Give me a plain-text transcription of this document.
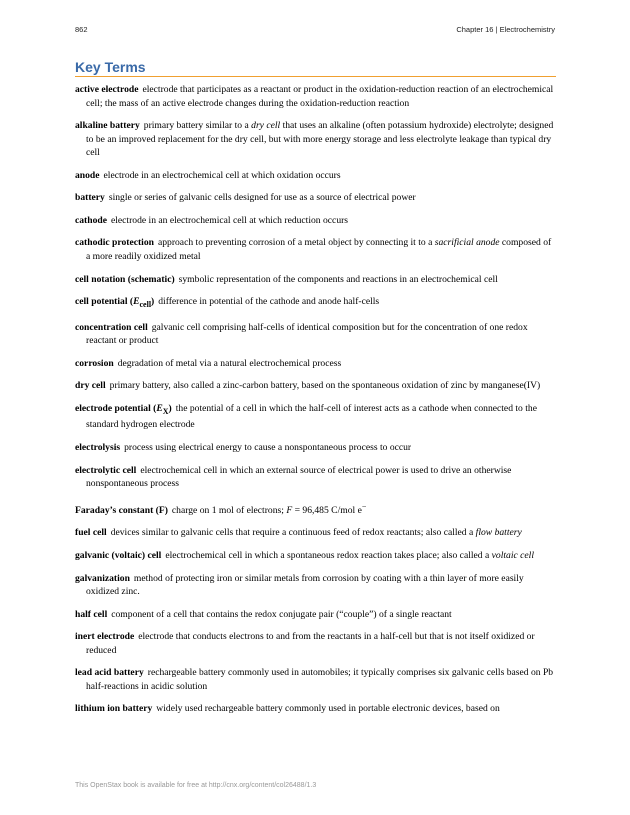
862	Chapter 16 | Electrochemistry
Key Terms

active electrode electrode that participates as a reactant or product in the oxidation-reduction reaction of an electrochemical cell; the mass of an active electrode changes during the oxidation-reduction reaction

alkaline battery primary battery similar to a dry cell that uses an alkaline (often potassium hydroxide) electrolyte; designed to be an improved replacement for the dry cell, but with more energy storage and less electrolyte leakage than typical dry cell

anode electrode in an electrochemical cell at which oxidation occurs

battery single or series of galvanic cells designed for use as a source of electrical power

cathode electrode in an electrochemical cell at which reduction occurs

cathodic protection approach to preventing corrosion of a metal object by connecting it to a sacrificial anode composed of a more readily oxidized metal

cell notation (schematic) symbolic representation of the components and reactions in an electrochemical cell

cell potential $(E_{cell})$ difference in potential of the cathode and anode half-cells

concentration cell galvanic cell comprising half-cells of identical composition but for the concentration of one redox reactant or product

corrosion degradation of metal via a natural electrochemical process

dry cell primary battery, also called a zinc-carbon battery, based on the spontaneous oxidation of zinc by manganese(IV)

electrode potential $(E_X)$ the potential of a cell in which the half-cell of interest acts as a cathode when connected to the standard hydrogen electrode

electrolysis process using electrical energy to cause a nonspontaneous process to occur

electrolytic cell electrochemical cell in which an external source of electrical power is used to drive an otherwise nonspontaneous process

Faraday’s constant (F) charge on 1 mol of electrons; F = 96,485 C/mol e−

fuel cell devices similar to galvanic cells that require a continuous feed of redox reactants; also called a flow battery

galvanic (voltaic) cell electrochemical cell in which a spontaneous redox reaction takes place; also called a voltaic cell

galvanization method of protecting iron or similar metals from corrosion by coating with a thin layer of more easily oxidized zinc.

half cell component of a cell that contains the redox conjugate pair (“couple”) of a single reactant

inert electrode electrode that conducts electrons to and from the reactants in a half-cell but that is not itself oxidized or reduced

lead acid battery rechargeable battery commonly used in automobiles; it typically comprises six galvanic cells based on Pb half-reactions in acidic solution

lithium ion battery widely used rechargeable battery commonly used in portable electronic devices, based on

This OpenStax book is available for free at http://cnx.org/content/col26488/1.3
